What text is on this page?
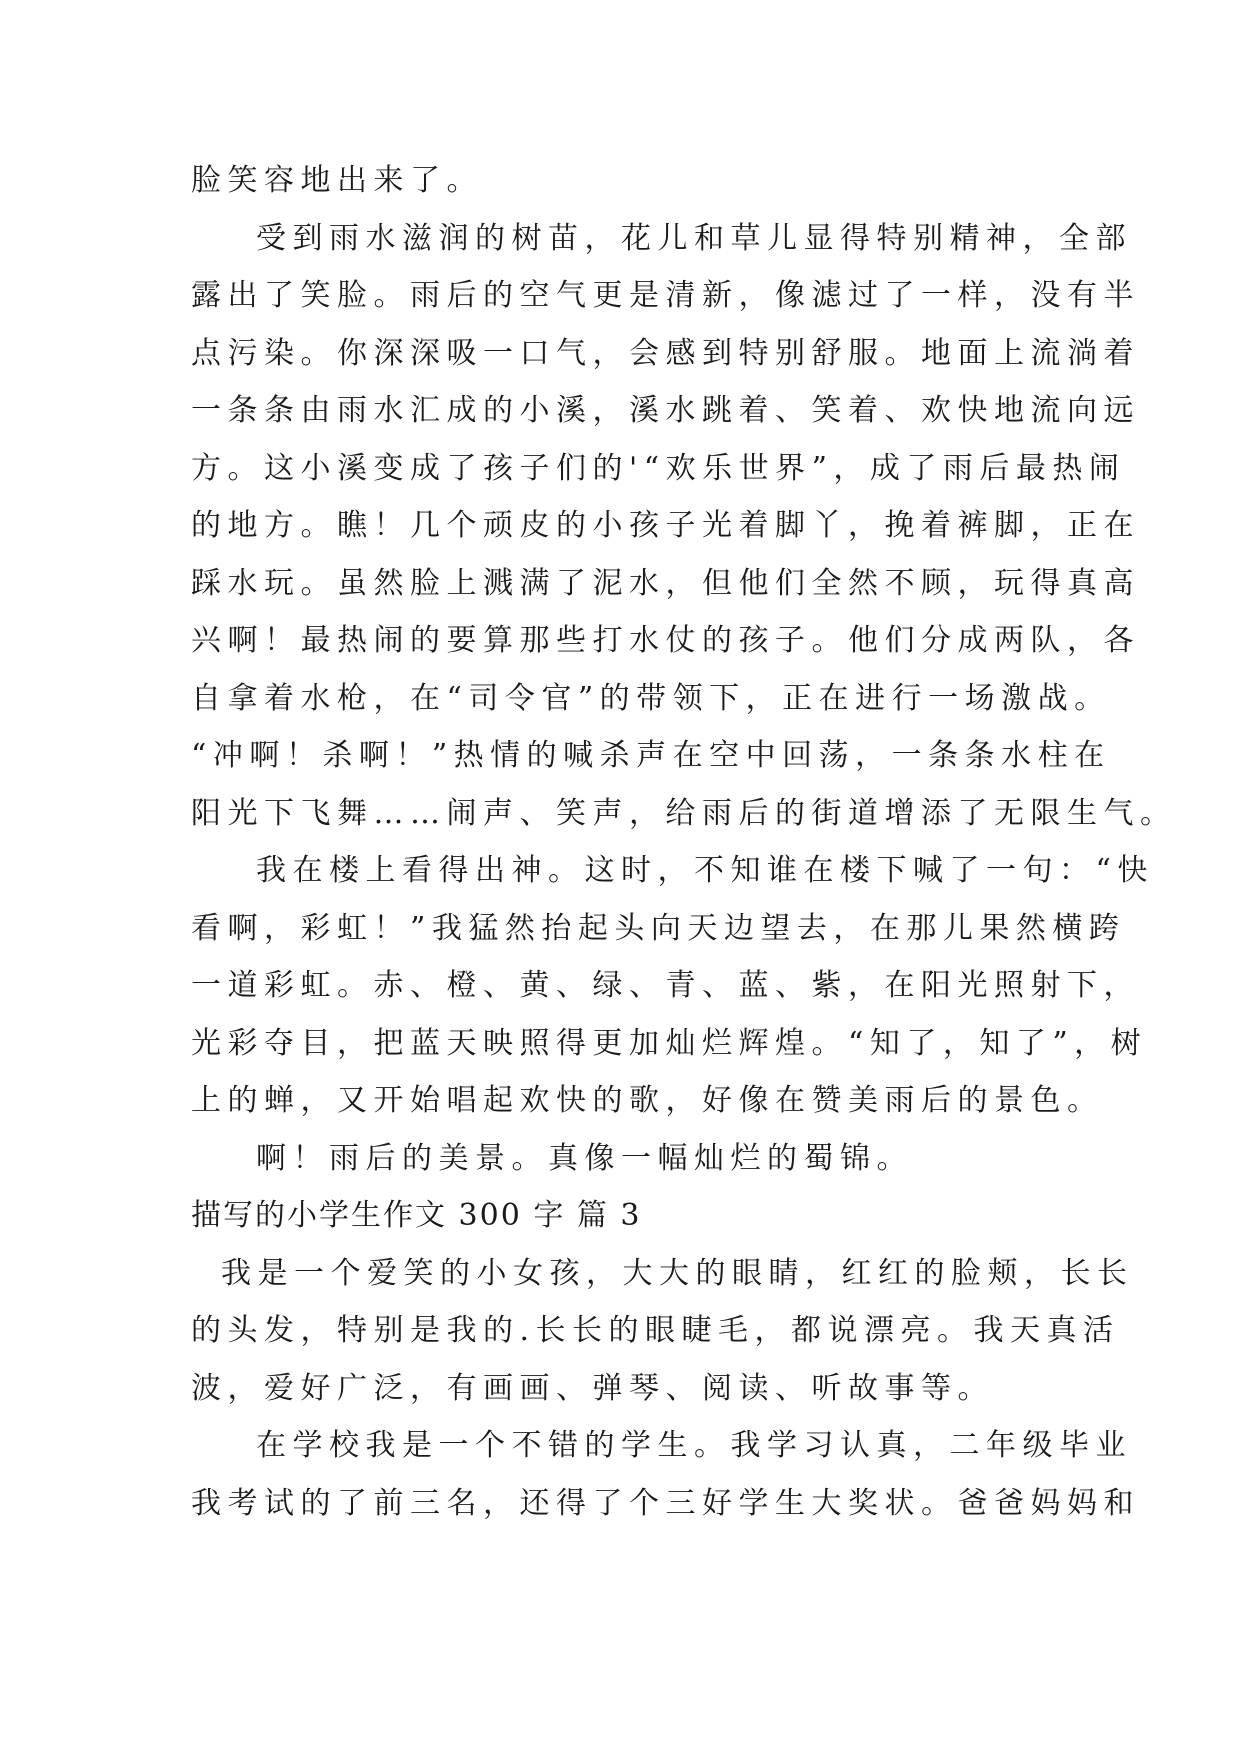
脸笑容地出来了。
受到雨水滋润的树苗，花儿和草儿显得特别精神，全部
露出了笑脸。雨后的空气更是清新，像滤过了一样，没有半
点污染。你深深吸一口气，会感到特别舒服。地面上流淌着
一条条由雨水汇成的小溪，溪水跳着、笑着、欢快地流向远
方。这小溪变成了孩子们的'“欢乐世界”，成了雨后最热闹
的地方。瞧！几个顽皮的小孩子光着脚丫，挽着裤脚，正在
踩水玩。虽然脸上溅满了泥水，但他们全然不顾，玩得真高
兴啊！最热闹的要算那些打水仗的孩子。他们分成两队，各
自拿着水枪，在“司令官”的带领下，正在进行一场激战。
“冲啊！杀啊！”热情的喊杀声在空中回荡，一条条水柱在
阳光下飞舞……闹声、笑声，给雨后的街道增添了无限生气。
我在楼上看得出神。这时，不知谁在楼下喊了一句：“快
看啊，彩虹！”我猛然抬起头向天边望去，在那儿果然横跨
一道彩虹。赤、橙、黄、绿、青、蓝、紫，在阳光照射下，
光彩夺目，把蓝天映照得更加灿烂辉煌。“知了，知了”，树
上的蝉，又开始唱起欢快的歌，好像在赞美雨后的景色。
啊！雨后的美景。真像一幅灿烂的蜀锦。
描写的小学生作文 300 字 篇 3
我是一个爱笑的小女孩，大大的眼睛，红红的脸颊，长长
的头发，特别是我的.长长的眼睫毛，都说漂亮。我天真活
波，爱好广泛，有画画、弹琴、阅读、听故事等。
在学校我是一个不错的学生。我学习认真，二年级毕业
我考试的了前三名，还得了个三好学生大奖状。爸爸妈妈和
